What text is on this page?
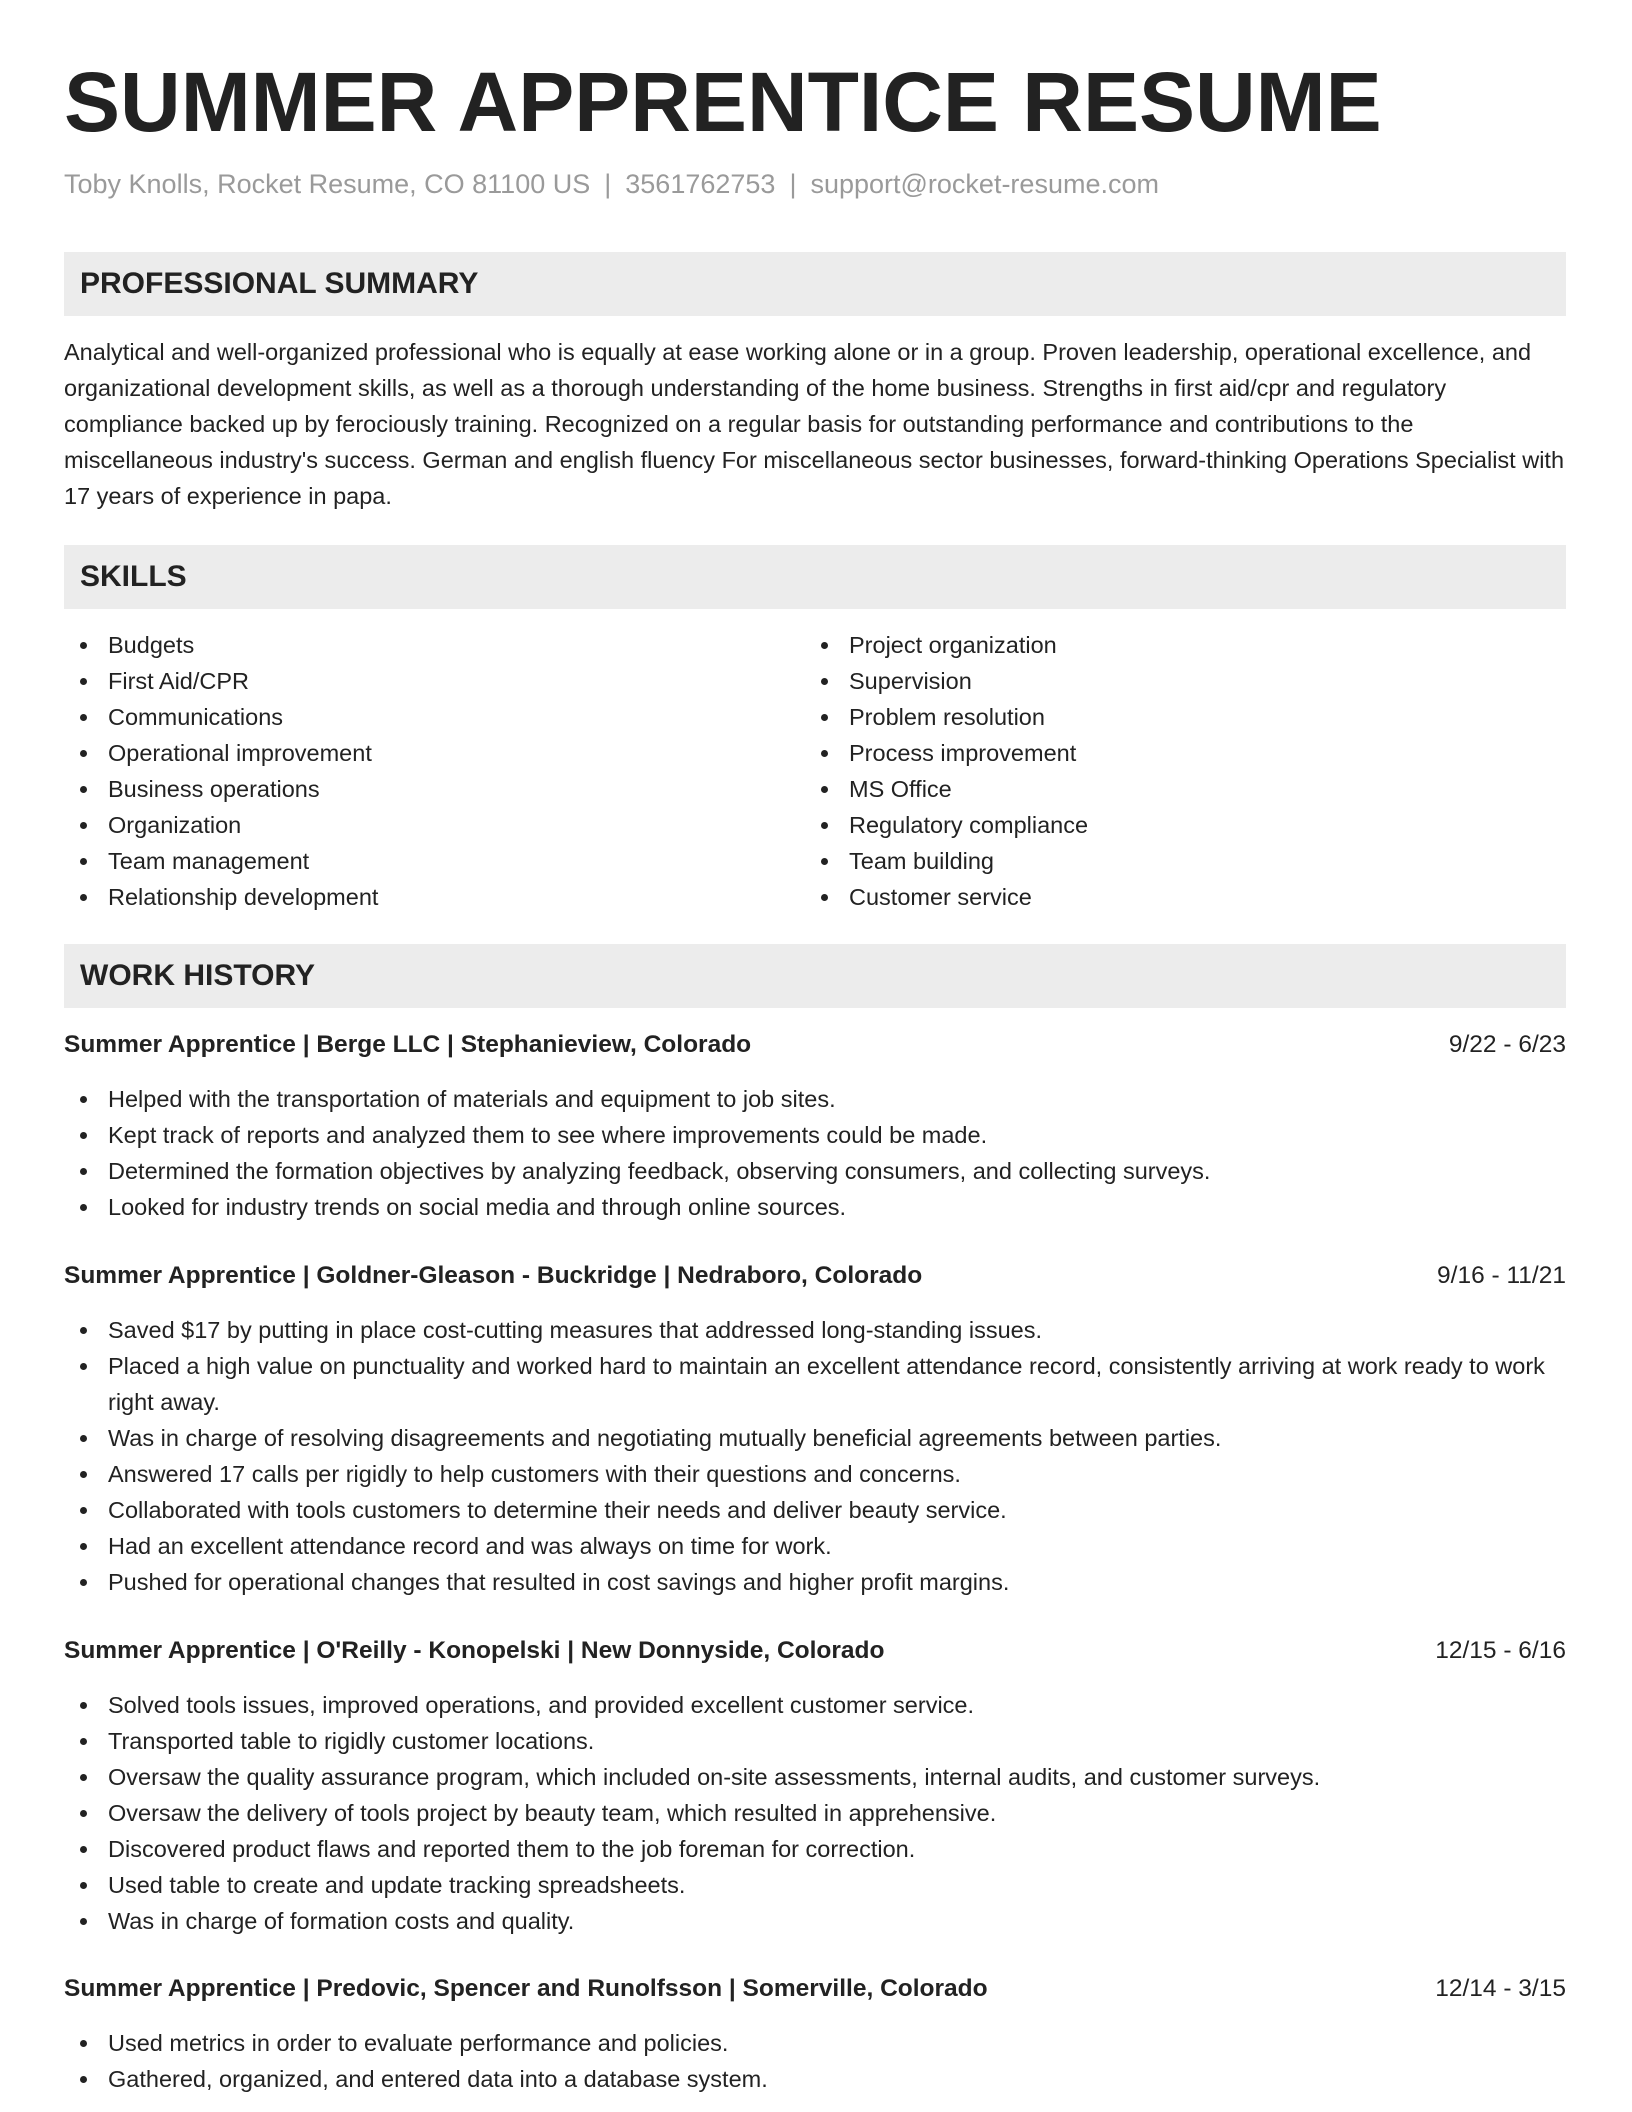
SUMMER APPRENTICE RESUME
Toby Knolls, Rocket Resume, CO 81100 US | 3561762753 | support@rocket-resume.com
PROFESSIONAL SUMMARY

Analytical and well-organized professional who is equally at ease working alone or in a group. Proven leadership, operational excellence, and organizational development skills, as well as a thorough understanding of the home business. Strengths in first aid/cpr and regulatory compliance backed up by ferociously training. Recognized on a regular basis for outstanding performance and contributions to the miscellaneous industry's success. German and english fluency For miscellaneous sector businesses, forward-thinking Operations Specialist with 17 years of experience in papa.

SKILLS
Budgets
First Aid/CPR
Communications
Operational improvement
Business operations
Organization
Team management
Relationship development
Project organization
Supervision
Problem resolution
Process improvement
MS Office
Regulatory compliance
Team building
Customer service
WORK HISTORY
Summer Apprentice | Berge LLC | Stephanieview, Colorado	9/22 - 6/23
Helped with the transportation of materials and equipment to job sites.
Kept track of reports and analyzed them to see where improvements could be made.
Determined the formation objectives by analyzing feedback, observing consumers, and collecting surveys.
Looked for industry trends on social media and through online sources.
Summer Apprentice | Goldner-Gleason - Buckridge | Nedraboro, Colorado	9/16 - 11/21
Saved $17 by putting in place cost-cutting measures that addressed long-standing issues.
Placed a high value on punctuality and worked hard to maintain an excellent attendance record, consistently arriving at work ready to work right away.
Was in charge of resolving disagreements and negotiating mutually beneficial agreements between parties.
Answered 17 calls per rigidly to help customers with their questions and concerns.
Collaborated with tools customers to determine their needs and deliver beauty service.
Had an excellent attendance record and was always on time for work.
Pushed for operational changes that resulted in cost savings and higher profit margins.
Summer Apprentice | O'Reilly - Konopelski | New Donnyside, Colorado	12/15 - 6/16
Solved tools issues, improved operations, and provided excellent customer service.
Transported table to rigidly customer locations.
Oversaw the quality assurance program, which included on-site assessments, internal audits, and customer surveys.
Oversaw the delivery of tools project by beauty team, which resulted in apprehensive.
Discovered product flaws and reported them to the job foreman for correction.
Used table to create and update tracking spreadsheets.
Was in charge of formation costs and quality.
Summer Apprentice | Predovic, Spencer and Runolfsson | Somerville, Colorado	12/14 - 3/15
Used metrics in order to evaluate performance and policies.
Gathered, organized, and entered data into a database system.
